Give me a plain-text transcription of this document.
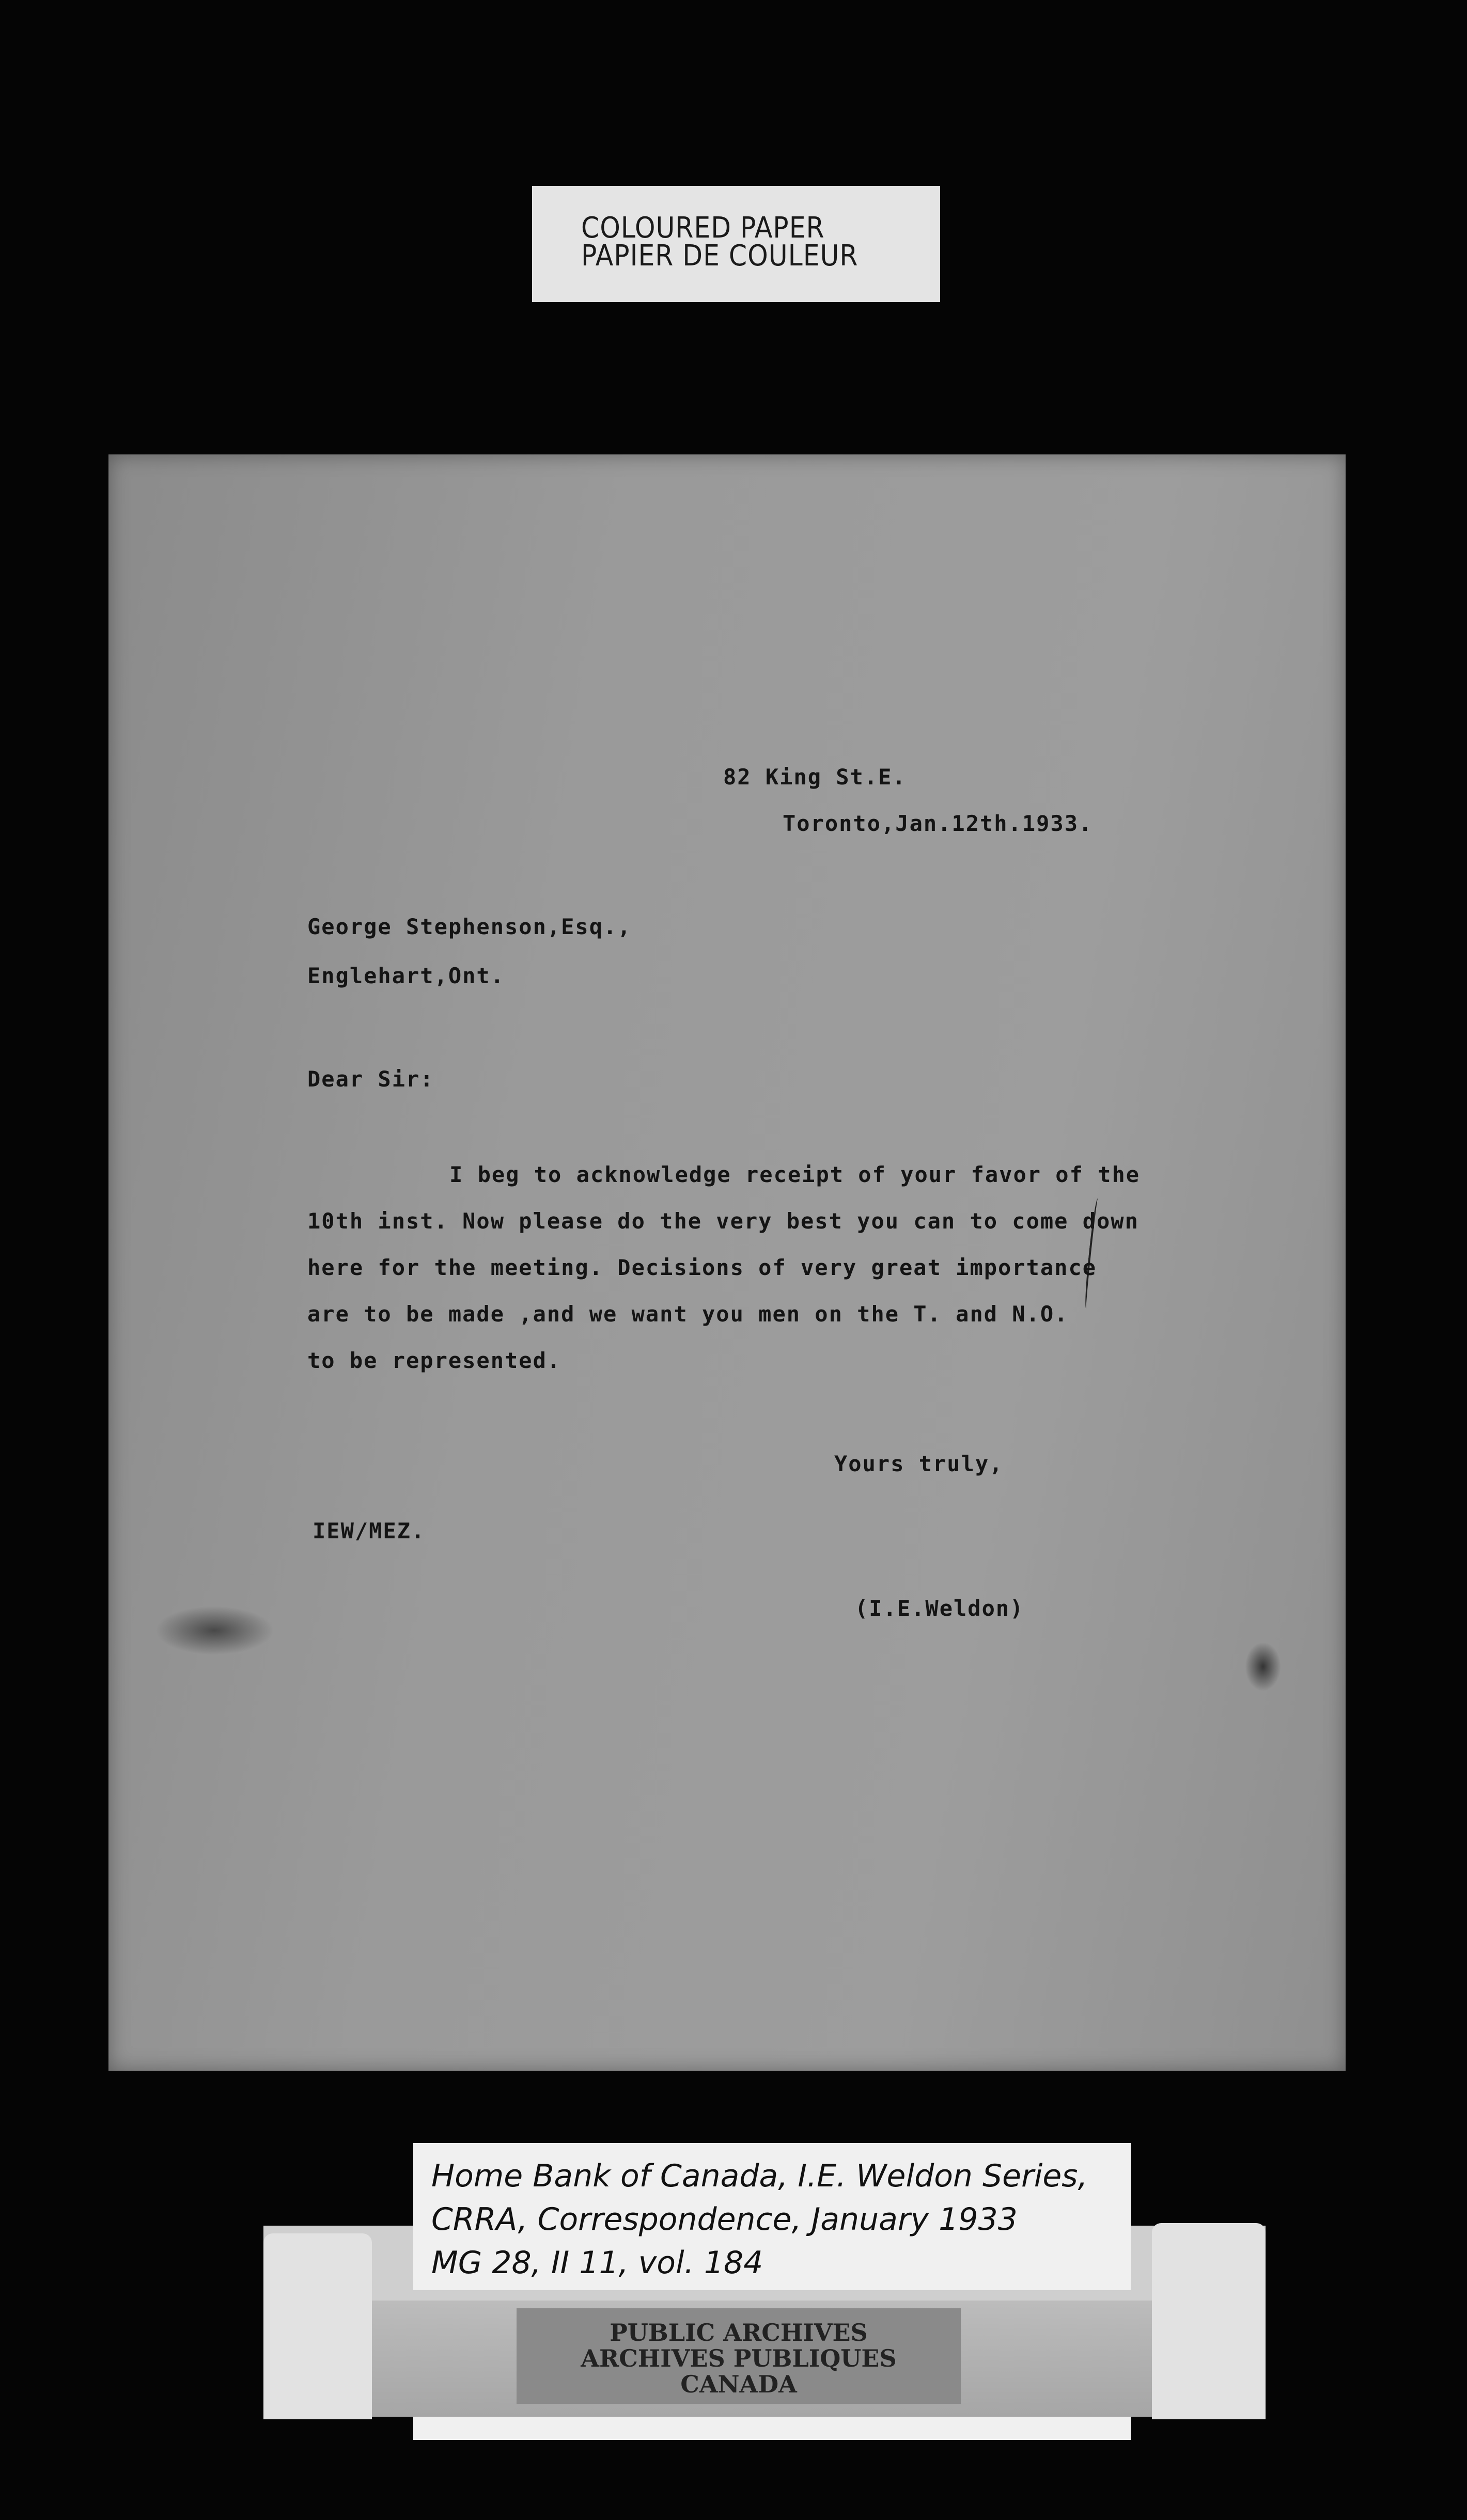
COLOURED PAPER
PAPIER DE COULEUR
82 King St.E.
Toronto,Jan.12th.1933.
George Stephenson,Esq.,
Englehart,Ont.
Dear Sir:
I beg to acknowledge receipt of your favor of the
10th inst. Now please do the very best you can to come down
here for the meeting. Decisions of very great importance
are to be made ,and we want you men on the T. and N.O.
to be represented.
Yours truly,
IEW/MEZ.
(I.E.Weldon)
Home Bank of Canada, I.E. Weldon Series,
CRRA, Correspondence, January 1933
MG 28, II 11, vol. 184
PUBLIC ARCHIVES
ARCHIVES PUBLIQUES
CANADA
